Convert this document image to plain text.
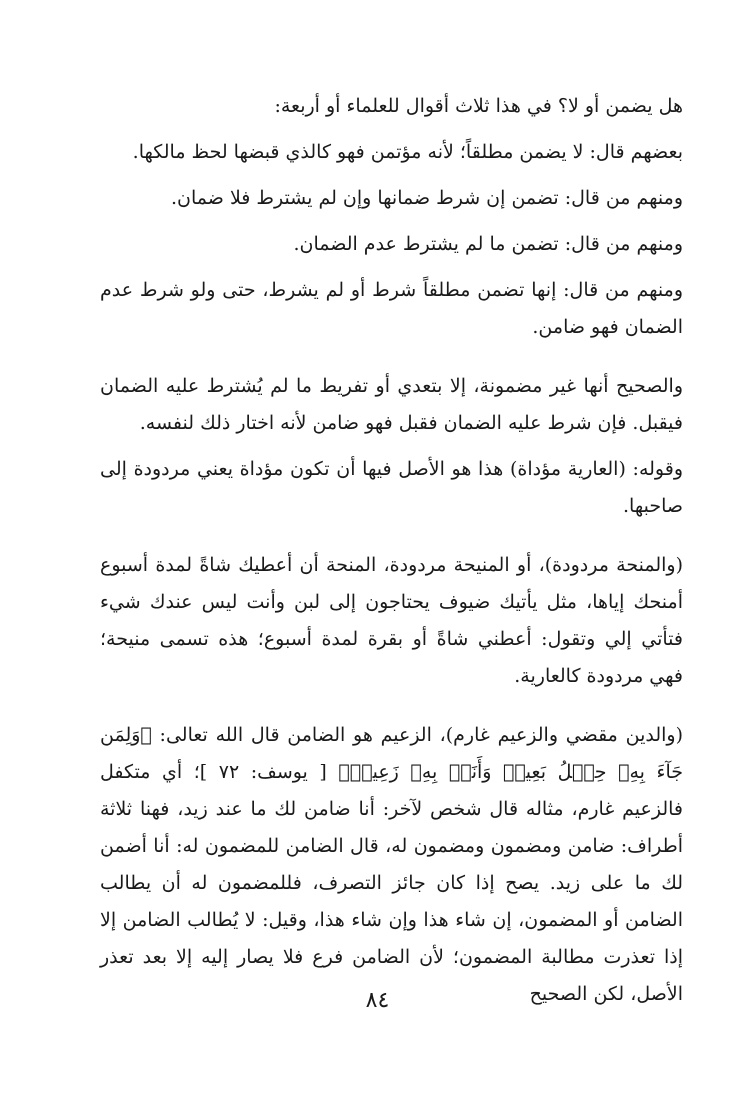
هل يضمن أو لا؟ في هذا ثلاث أقوال للعلماء أو أربعة:

بعضهم قال: لا يضمن مطلقاً؛ لأنه مؤتمن فهو كالذي قبضها لحظ مالكها.

ومنهم من قال: تضمن إن شرط ضمانها وإن لم يشترط فلا ضمان.

ومنهم من قال: تضمن ما لم يشترط عدم الضمان.

ومنهم من قال: إنها تضمن مطلقاً شرط أو لم يشرط، حتى ولو شرط عدم الضمان فهو ضامن.

والصحيح أنها غير مضمونة، إلا بتعدي أو تفريط ما لم يُشترط عليه الضمان فيقبل. فإن شرط عليه الضمان فقبل فهو ضامن لأنه اختار ذلك لنفسه.

وقوله: (العارية مؤداة) هذا هو الأصل فيها أن تكون مؤداة يعني مردودة إلى صاحبها.

(والمنحة مردودة)، أو المنيحة مردودة، المنحة أن أعطيك شاةً لمدة أسبوع أمنحك إياها، مثل يأتيك ضيوف يحتاجون إلى لبن وأنت ليس عندك شيء فتأتي إلي وتقول: أعطني شاةً أو بقرة لمدة أسبوع؛ هذه تسمى منيحة؛ فهي مردودة كالعارية.

(والدين مقضي والزعيم غارم)، الزعيم هو الضامن قال الله تعالى: ﴿وَلِمَن جَآءَ بِهِۦ حِمۡلُ بَعِيرٖ وَأَنَا۠ بِهِۦ زَعِيمٞ﴾ [ يوسف: ٧٢ ]؛ أي متكفل فالزعيم غارم، مثاله قال شخص لآخر: أنا ضامن لك ما عند زيد، فهنا ثلاثة أطراف: ضامن ومضمون ومضمون له، قال الضامن للمضمون له: أنا أضمن لك ما على زيد. يصح إذا كان جائز التصرف، فللمضمون له أن يطالب الضامن أو المضمون، إن شاء هذا وإن شاء هذا، وقيل: لا يُطالب الضامن إلا إذا تعذرت مطالبة المضمون؛ لأن الضامن فرع فلا يصار إليه إلا بعد تعذر الأصل، لكن الصحيح

٨٤
